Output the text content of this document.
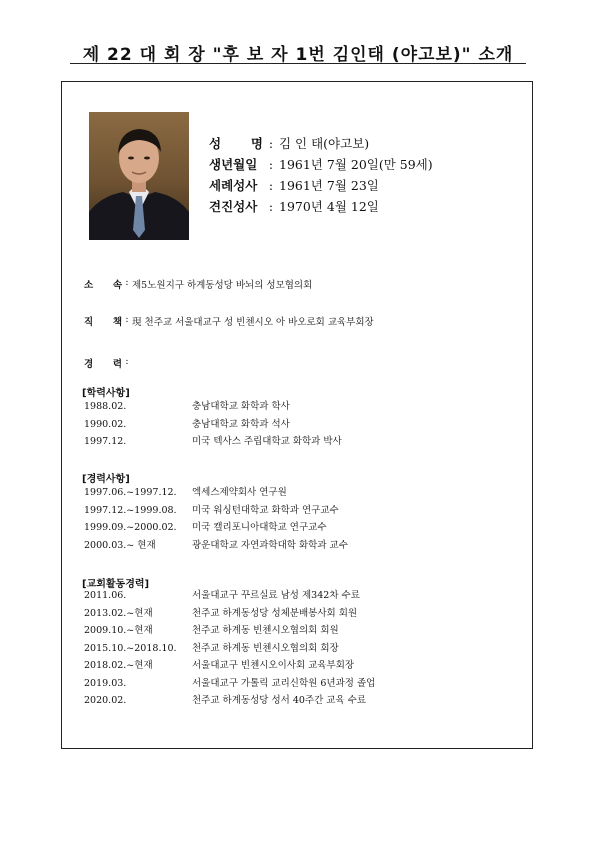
제 22 대 회 장 "후 보 자 1번 김인태 (야고보)" 소개
성 명 : 김 인 태(야고보)
생년월일 : 1961년 7월 20일(만 59세)
세례성사 : 1961년 7월 23일
견진성사 : 1970년 4월 12일
소 속 : 제5노원지구 하계동성당 바뇌의 성모협의회
직 책 : 現 천주교 서울대교구 성 빈첸시오 아 바오로회 교육부회장
경 력 :
[학력사항]
1988.02.	충남대학교 화학과 학사
1990.02.	충남대학교 화학과 석사
1997.12.	미국 텍사스 주립대학교 화학과 박사
[경력사항]
1997.06.~1997.12.	엑세스제약회사 연구원
1997.12.~1999.08.	미국 워싱턴대학교 화학과 연구교수
1999.09.~2000.02.	미국 캘리포니아대학교 연구교수
2000.03.~ 현재	광운대학교 자연과학대학 화학과 교수
[교회활동경력]
2011.06.	서울대교구 꾸르실료 남성 제342차 수료
2013.02.~현재	천주교 하계동성당 성체분배봉사회 회원
2009.10.~현재	천주교 하계동 빈첸시오협의회 회원
2015.10.~2018.10.	천주교 하계동 빈첸시오협의회 회장
2018.02.~현재	서울대교구 빈첸시오이사회 교육부회장
2019.03.	서울대교구 가톨릭 교리신학원 6년과정 졸업
2020.02.	천주교 하계동성당 성서 40주간 교육 수료
